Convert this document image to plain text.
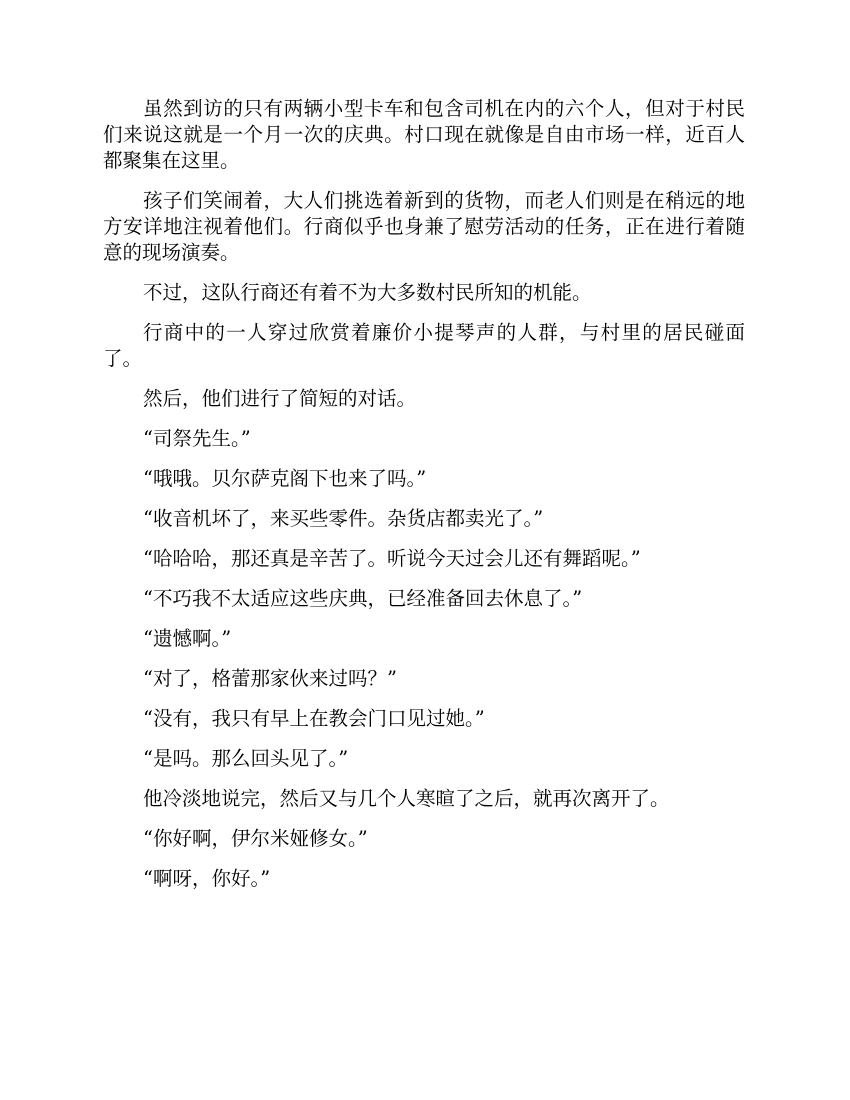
虽然到访的只有两辆小型卡车和包含司机在内的六个人，但对于村民们来说这就是一个月一次的庆典。村口现在就像是自由市场一样，近百人都聚集在这里。

孩子们笑闹着，大人们挑选着新到的货物，而老人们则是在稍远的地方安详地注视着他们。行商似乎也身兼了慰劳活动的任务，正在进行着随意的现场演奏。

不过，这队行商还有着不为大多数村民所知的机能。

行商中的一人穿过欣赏着廉价小提琴声的人群，与村里的居民碰面了。

然后，他们进行了简短的对话。

“司祭先生。”

“哦哦。贝尔萨克阁下也来了吗。”

“收音机坏了，来买些零件。杂货店都卖光了。”

“哈哈哈，那还真是辛苦了。听说今天过会儿还有舞蹈呢。”

“不巧我不太适应这些庆典，已经准备回去休息了。”

“遗憾啊。”

“对了，格蕾那家伙来过吗？”

“没有，我只有早上在教会门口见过她。”

“是吗。那么回头见了。”

他冷淡地说完，然后又与几个人寒暄了之后，就再次离开了。

“你好啊，伊尔米娅修女。”

“啊呀，你好。”
